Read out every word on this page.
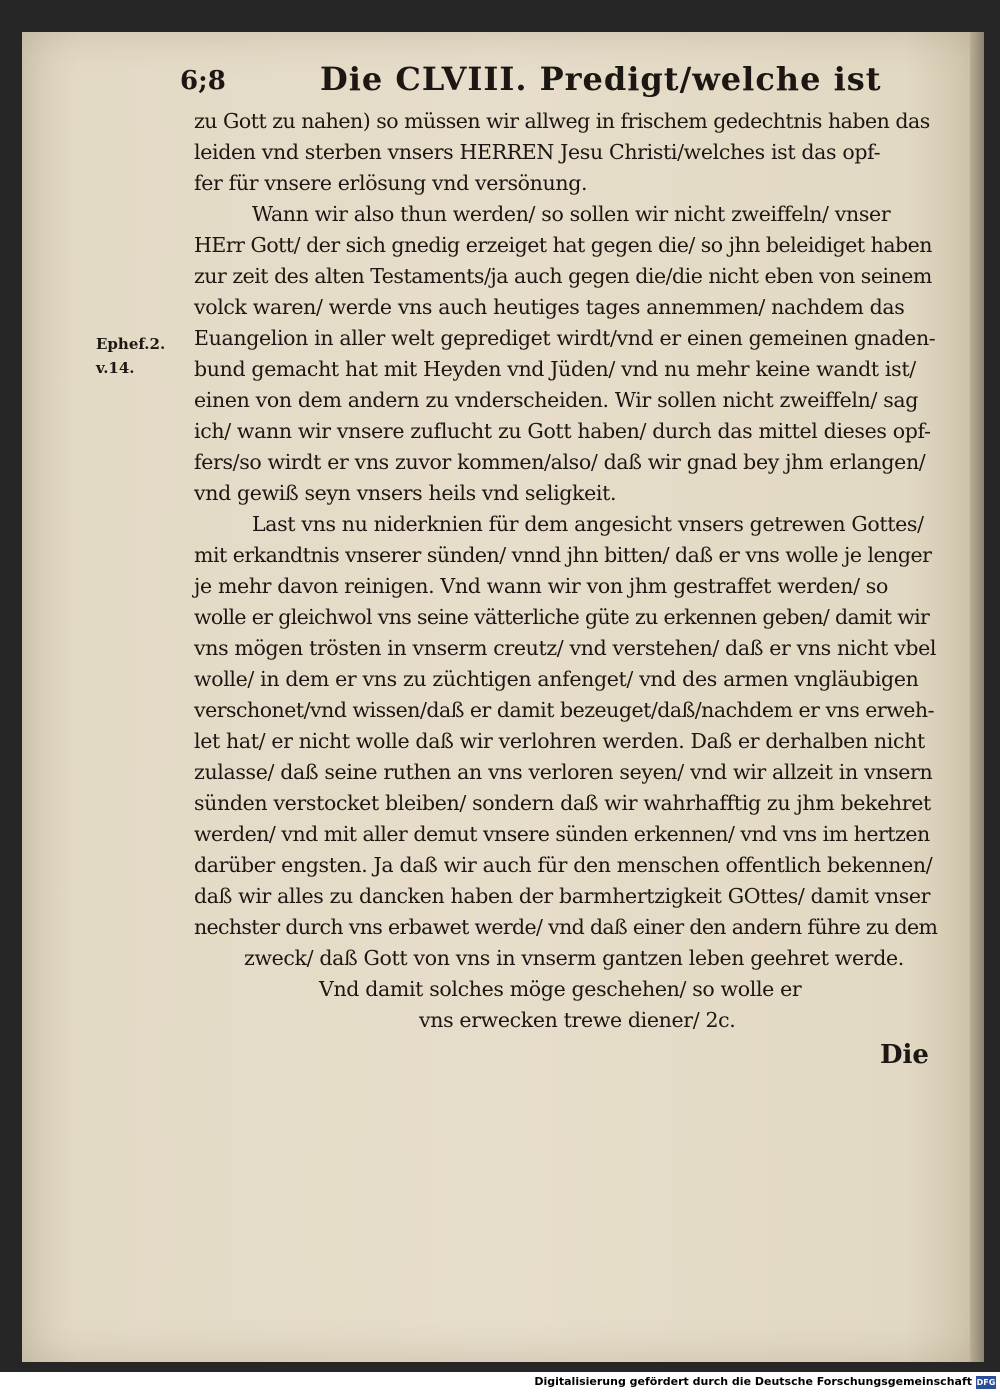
6;8	Die CLVIII. Predigt/welche ist
Ephef.2.
v.14.
zu Gott zu nahen) so müssen wir allweg in frischem gedechtnis haben das
leiden vnd sterben vnsers HERREN Jesu Christi/welches ist das opf-
fer für vnsere erlösung vnd versönung.
Wann wir also thun werden/ so sollen wir nicht zweiffeln/ vnser
HErr Gott/ der sich gnedig erzeiget hat gegen die/ so jhn beleidiget haben
zur zeit des alten Testaments/ja auch gegen die/die nicht eben von seinem
volck waren/ werde vns auch heutiges tages annemmen/ nachdem das
Euangelion in aller welt geprediget wirdt/vnd er einen gemeinen gnaden-
bund gemacht hat mit Heyden vnd Jüden/ vnd nu mehr keine wandt ist/
einen von dem andern zu vnderscheiden. Wir sollen nicht zweiffeln/ sag
ich/ wann wir vnsere zuflucht zu Gott haben/ durch das mittel dieses opf-
fers/so wirdt er vns zuvor kommen/also/ daß wir gnad bey jhm erlangen/
vnd gewiß seyn vnsers heils vnd seligkeit.
Last vns nu niderknien für dem angesicht vnsers getrewen Gottes/
mit erkandtnis vnserer sünden/ vnnd jhn bitten/ daß er vns wolle je lenger
je mehr davon reinigen. Vnd wann wir von jhm gestraffet werden/ so
wolle er gleichwol vns seine vätterliche güte zu erkennen geben/ damit wir
vns mögen trösten in vnserm creutz/ vnd verstehen/ daß er vns nicht vbel
wolle/ in dem er vns zu züchtigen anfenget/ vnd des armen vngläubigen
verschonet/vnd wissen/daß er damit bezeuget/daß/nachdem er vns erweh-
let hat/ er nicht wolle daß wir verlohren werden. Daß er derhalben nicht
zulasse/ daß seine ruthen an vns verloren seyen/ vnd wir allzeit in vnsern
sünden verstocket bleiben/ sondern daß wir wahrhafftig zu jhm bekehret
werden/ vnd mit aller demut vnsere sünden erkennen/ vnd vns im hertzen
darüber engsten. Ja daß wir auch für den menschen offentlich bekennen/
daß wir alles zu dancken haben der barmhertzigkeit GOttes/ damit vnser
nechster durch vns erbawet werde/ vnd daß einer den andern führe zu dem
zweck/ daß Gott von vns in vnserm gantzen leben geehret werde.
Vnd damit solches möge geschehen/ so wolle er
vns erwecken trewe diener/ 2c.
Die
Digitalisierung gefördert durch die Deutsche Forschungsgemeinschaft DFG
